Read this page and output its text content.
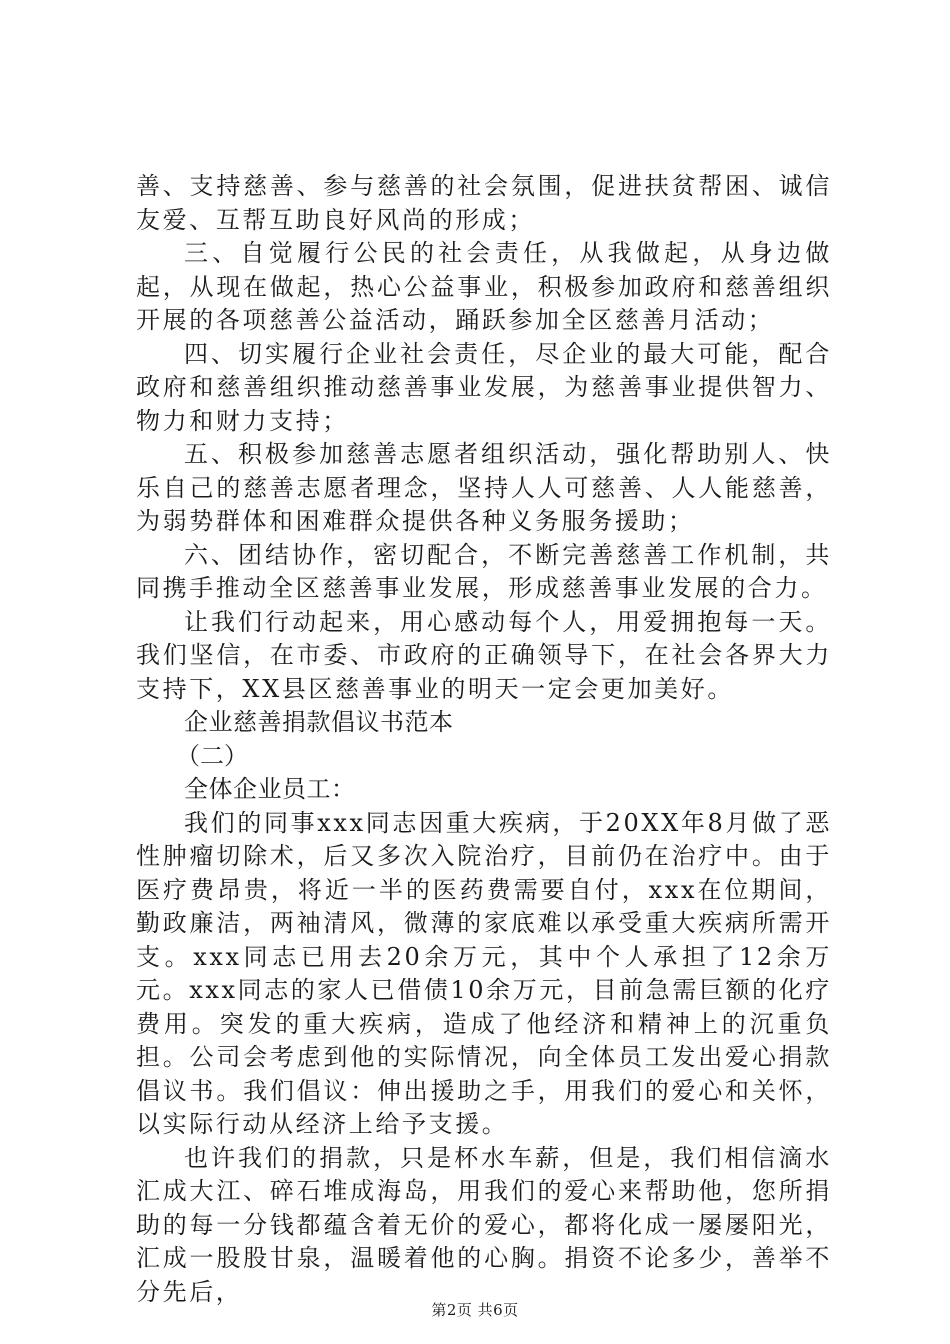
善、支持慈善、参与慈善的社会氛围，促进扶贫帮困、诚信友爱、互帮互助良好风尚的形成；

三、自觉履行公民的社会责任，从我做起，从身边做起，从现在做起，热心公益事业，积极参加政府和慈善组织开展的各项慈善公益活动，踊跃参加全区慈善月活动；

四、切实履行企业社会责任，尽企业的最大可能，配合政府和慈善组织推动慈善事业发展，为慈善事业提供智力、物力和财力支持；

五、积极参加慈善志愿者组织活动，强化帮助别人、快乐自己的慈善志愿者理念，坚持人人可慈善、人人能慈善，为弱势群体和困难群众提供各种义务服务援助；

六、团结协作，密切配合，不断完善慈善工作机制，共同携手推动全区慈善事业发展，形成慈善事业发展的合力。

让我们行动起来，用心感动每个人，用爱拥抱每一天。我们坚信，在市委、市政府的正确领导下，在社会各界大力支持下，XX县区慈善事业的明天一定会更加美好。

企业慈善捐款倡议书范本

（二）

全体企业员工：

我们的同事xxx同志因重大疾病，于20XX年8月做了恶性肿瘤切除术，后又多次入院治疗，目前仍在治疗中。由于医疗费昂贵，将近一半的医药费需要自付，xxx在位期间，勤政廉洁，两袖清风，微薄的家底难以承受重大疾病所需开支。xxx同志已用去20余万元，其中个人承担了12余万元。xxx同志的家人已借债10余万元，目前急需巨额的化疗费用。突发的重大疾病，造成了他经济和精神上的沉重负担。公司会考虑到他的实际情况，向全体员工发出爱心捐款倡议书。我们倡议：伸出援助之手，用我们的爱心和关怀，以实际行动从经济上给予支援。

也许我们的捐款，只是杯水车薪，但是，我们相信滴水汇成大江、碎石堆成海岛，用我们的爱心来帮助他，您所捐助的每一分钱都蕴含着无价的爱心，都将化成一屡屡阳光，汇成一股股甘泉，温暖着他的心胸。捐资不论多少，善举不分先后，

第2页 共6页
